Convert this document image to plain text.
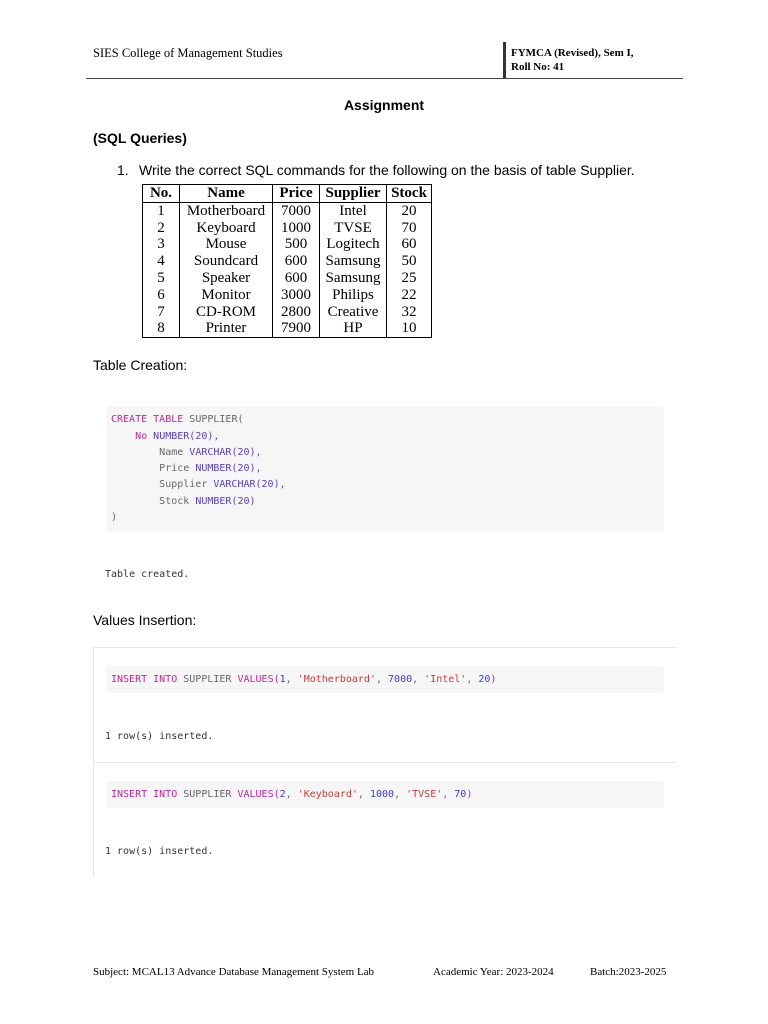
SIES College of Management Studies	FYMCA (Revised), Sem I,
Roll No: 41
Assignment
(SQL Queries)
1. Write the correct SQL commands for the following on the basis of table Supplier.
No.	Name	Price	Supplier	Stock
1	Motherboard	7000	Intel	20
2	Keyboard	1000	TVSE	70
3	Mouse	500	Logitech	60
4	Soundcard	600	Samsung	50
5	Speaker	600	Samsung	25
6	Monitor	3000	Philips	22
7	CD-ROM	2800	Creative	32
8	Printer	7900	HP	10
Table Creation:

CREATE TABLE SUPPLIER(

No NUMBER(20),

Name VARCHAR(20),

Price NUMBER(20),

Supplier VARCHAR(20),

Stock NUMBER(20)

)

Table created.
Values Insertion:

INSERT INTO SUPPLIER VALUES(1, 'Motherboard', 7000, 'Intel', 20)

1 row(s) inserted.

INSERT INTO SUPPLIER VALUES(2, 'Keyboard', 1000, 'TVSE', 70)

1 row(s) inserted.
Subject: MCAL13 Advance Database Management System Lab	Academic Year: 2023-2024	Batch:2023-2025
